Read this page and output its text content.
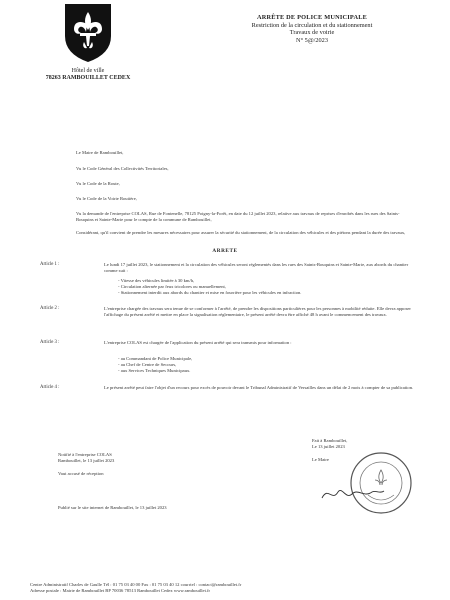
Hôtel de ville
78263 RAMBOUILLET CEDEX
ARRÊTE DE POLICE MUNICIPALE
Restriction de la circulation et du stationnement
Travaux de voirie
N° 5@/2023
Le Maire de Rambouillet,
Vu le Code Général des Collectivités Territoriales,
Vu le Code de la Route,
Vu le Code de la Voirie Routière,
Vu la demande de l'entreprise COLAS, Rue de Fontenelle, 78125 Poigny-la-Forêt, en date du 12 juillet 2023, relative aux travaux de reprises d'enrobés dans les rues des Saints-Bouquins et Sainte-Marie pour le compte de la commune de Rambouillet,
Considérant, qu'il convient de prendre les mesures nécessaires pour assurer la sécurité du stationnement, de la circulation des véhicules et des piétons pendant la durée des travaux,
ARRETE
Article 1 :	Le lundi 17 juillet 2023, le stationnement et la circulation des véhicules seront réglementés dans les rues des Saints-Bouquins et Sainte-Marie, aux abords du chantier comme suit :
- Vitesse des véhicules limitée à 30 km/h,
- Circulation alternée par feux tricolores ou manuellement,
- Stationnement interdit aux abords du chantier et mise en fourrière pour les véhicules en infraction.
Article 2 :	L'entreprise chargée des travaux sera tenue de se conformer à l'arrêté, de prendre les dispositions particulières pour les personnes à mobilité réduite. Elle devra apposer l'affichage du présent arrêté et mettre en place la signalisation réglementaire, le présent arrêté devra être affiché 48 h avant le commencement des travaux.
Article 3 :	L'entreprise COLAS est chargée de l'application du présent arrêté qui sera transmis pour information :
- au Commandant de Police Municipale,
- au Chef de Centre de Secours,
- aux Services Techniques Municipaux.
Article 4 :	Le présent arrêté peut faire l'objet d'un recours pour excès de pouvoir devant le Tribunal Administratif de Versailles dans un délai de 2 mois à compter de sa publication.
Notifié à l'entreprise COLAS
Rambouillet, le 13 juillet 2023
Vaut accusé de réception
Fait à Rambouillet,
Le 13 juillet 2023
Le Maire
Publié sur le site internet de Rambouillet, le 13 juillet 2023
Centre Administratif Charles de Gaulle Tél : 01 75 03 40 00 Fax : 01 75 03 40 12 courriel : contact@rambouillet.fr
Adresse postale : Mairie de Rambouillet BP 70036 78513 Rambouillet Cedex www.rambouillet.fr
